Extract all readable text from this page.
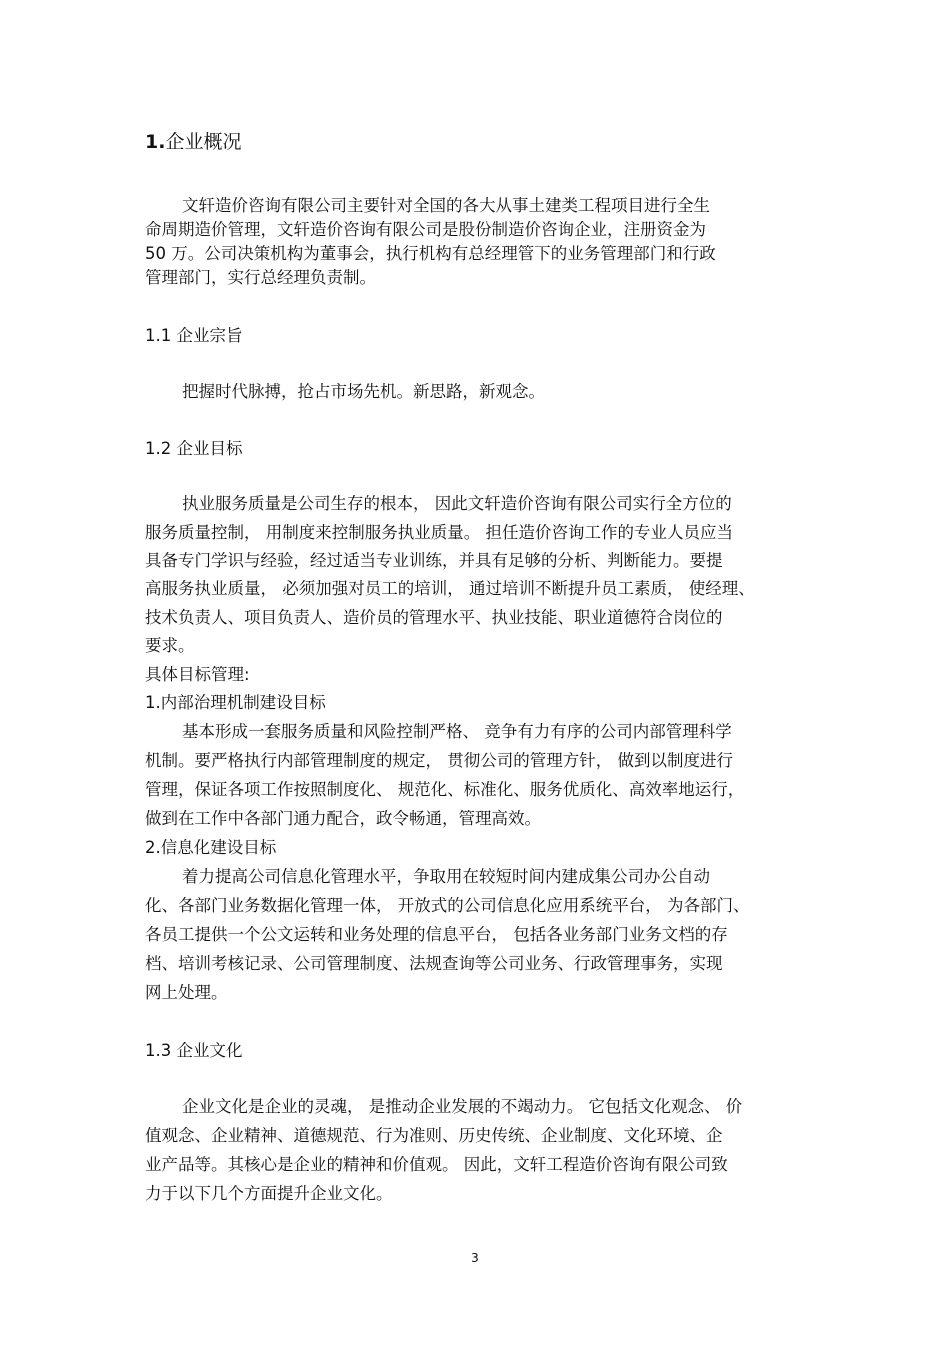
1.企业概况
文轩造价咨询有限公司主要针对全国的各大从事土建类工程项目进行全生
命周期造价管理，文轩造价咨询有限公司是股份制造价咨询企业，注册资金为
50 万。公司决策机构为董事会，执行机构有总经理管下的业务管理部门和行政
管理部门，实行总经理负责制。
1.1 企业宗旨
把握时代脉搏，抢占市场先机。新思路，新观念。
1.2 企业目标
执业服务质量是公司生存的根本， 因此文轩造价咨询有限公司实行全方位的
服务质量控制， 用制度来控制服务执业质量。 担任造价咨询工作的专业人员应当
具备专门学识与经验，经过适当专业训练，并具有足够的分析、判断能力。要提
高服务执业质量， 必须加强对员工的培训， 通过培训不断提升员工素质， 使经理、
技术负责人、项目负责人、造价员的管理水平、执业技能、职业道德符合岗位的
要求。
具体目标管理:
1.内部治理机制建设目标
基本形成一套服务质量和风险控制严格、 竞争有力有序的公司内部管理科学
机制。要严格执行内部管理制度的规定， 贯彻公司的管理方针， 做到以制度进行
管理，保证各项工作按照制度化、 规范化、标准化、服务优质化、高效率地运行，
做到在工作中各部门通力配合，政令畅通，管理高效。
2.信息化建设目标
着力提高公司信息化管理水平，争取用在较短时间内建成集公司办公自动
化、各部门业务数据化管理一体， 开放式的公司信息化应用系统平台， 为各部门、
各员工提供一个公文运转和业务处理的信息平台， 包括各业务部门业务文档的存
档、培训考核记录、公司管理制度、法规查询等公司业务、行政管理事务，实现
网上处理。
1.3 企业文化
企业文化是企业的灵魂， 是推动企业发展的不竭动力。 它包括文化观念、 价
值观念、企业精神、道德规范、行为准则、历史传统、企业制度、文化环境、企
业产品等。其核心是企业的精神和价值观。 因此，文轩工程造价咨询有限公司致
力于以下几个方面提升企业文化。
3
